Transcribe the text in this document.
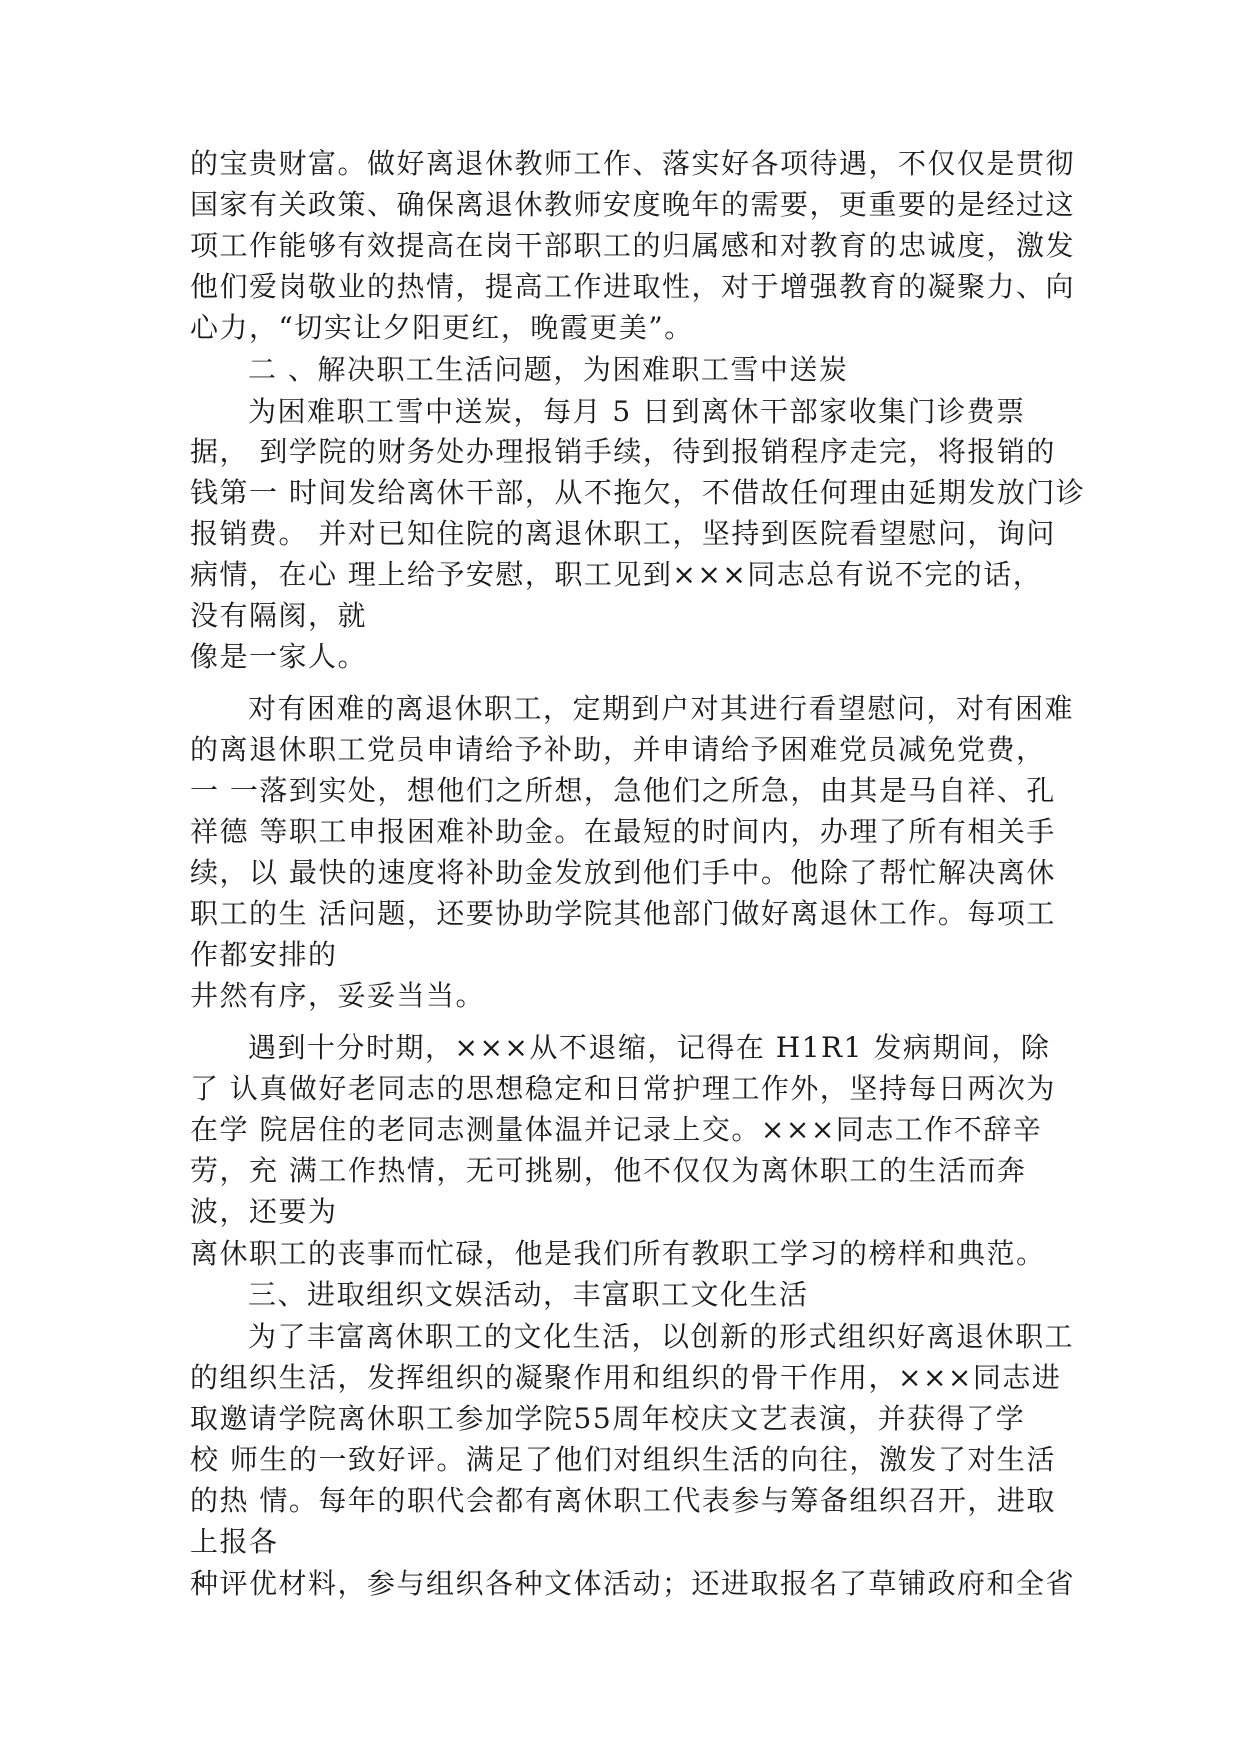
的宝贵财富。做好离退休教师工作、落实好各项待遇，不仅仅是贯彻
国家有关政策、确保离退休教师安度晚年的需要，更重要的是经过这
项工作能够有效提高在岗干部职工的归属感和对教育的忠诚度，激发
他们爱岗敬业的热情，提高工作进取性，对于增强教育的凝聚力、向
心力，“切实让夕阳更红，晚霞更美”。
二 、解决职工生活问题，为困难职工雪中送炭
为困难职工雪中送炭，每月 5 日到离休干部家收集门诊费票
据， 到学院的财务处办理报销手续，待到报销程序走完，将报销的
钱第一 时间发给离休干部，从不拖欠，不借故任何理由延期发放门诊
报销费。 并对已知住院的离退休职工，坚持到医院看望慰问，询问
病情，在心 理上给予安慰，职工见到×××同志总有说不完的话，
没有隔阂，就
像是一家人。
对有困难的离退休职工，定期到户对其进行看望慰问，对有困难
的离退休职工党员申请给予补助，并申请给予困难党员减免党费，
一 一落到实处，想他们之所想，急他们之所急，由其是马自祥、孔
祥德 等职工申报困难补助金。在最短的时间内，办理了所有相关手
续，以 最快的速度将补助金发放到他们手中。他除了帮忙解决离休
职工的生 活问题，还要协助学院其他部门做好离退休工作。每项工
作都安排的
井然有序，妥妥当当。
遇到十分时期，×××从不退缩，记得在 H1R1 发病期间，除
了 认真做好老同志的思想稳定和日常护理工作外，坚持每日两次为
在学 院居住的老同志测量体温并记录上交。×××同志工作不辞辛
劳，充 满工作热情，无可挑剔，他不仅仅为离休职工的生活而奔
波，还要为
离休职工的丧事而忙碌，他是我们所有教职工学习的榜样和典范。
三、进取组织文娱活动，丰富职工文化生活
为了丰富离休职工的文化生活，以创新的形式组织好离退休职工
的组织生活，发挥组织的凝聚作用和组织的骨干作用，×××同志进
取邀请学院离休职工参加学院55周年校庆文艺表演，并获得了学
校 师生的一致好评。满足了他们对组织生活的向往，激发了对生活
的热 情。每年的职代会都有离休职工代表参与筹备组织召开，进取
上报各
种评优材料，参与组织各种文体活动；还进取报名了草铺政府和全省
